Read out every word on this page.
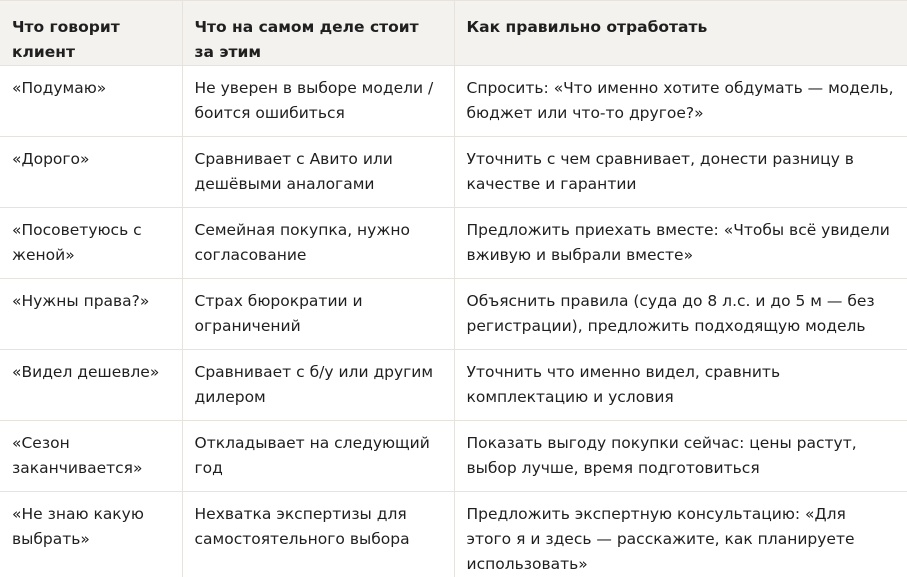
Что говорит клиент	Что на самом деле стоит за этим	Как правильно отработать
«Подумаю»	Не уверен в выборе модели / боится ошибиться	Спросить: «Что именно хотите обдумать — модель, бюджет или что-то другое?»
«Дорого»	Сравнивает с Авито или дешёвыми аналогами	Уточнить с чем сравнивает, донести разницу в качестве и гарантии
«Посоветуюсь с женой»	Семейная покупка, нужно согласование	Предложить приехать вместе: «Чтобы всё увидели вживую и выбрали вместе»
«Нужны права?»	Страх бюрократии и ограничений	Объяснить правила (суда до 8 л.с. и до 5 м — без регистрации), предложить подходящую модель
«Видел дешевле»	Сравнивает с б/у или другим дилером	Уточнить что именно видел, сравнить комплектацию и условия
«Сезон заканчивается»	Откладывает на следующий год	Показать выгоду покупки сейчас: цены растут, выбор лучше, время подготовиться
«Не знаю какую выбрать»	Нехватка экспертизы для самостоятельного выбора	Предложить экспертную консультацию: «Для этого я и здесь — расскажите, как планируете использовать»
